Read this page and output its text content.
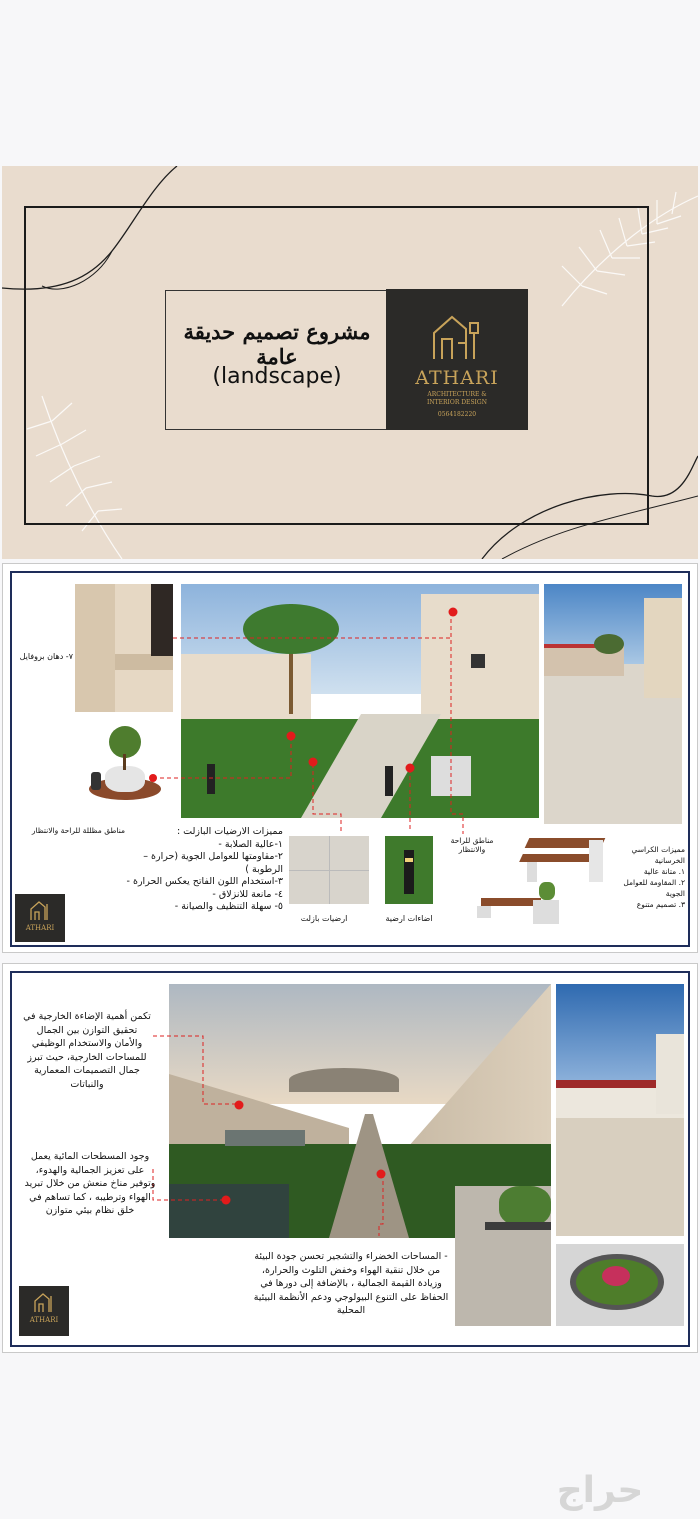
مشروع تصميم حديقة عامة
(landscape)	ATHARI
ARCHITECTURE &
INTERIOR DESIGN
0564182220
٧- دهان بروفايل
مناطق مظللة للراحة والانتظار	مميزات الارضيات البازلت :
١-عالية الصلابة -
٢-مقاومتها للعوامل الجوية (حرارة –
الرطوبة )
٣-استخدام اللون الفاتح يعكس الحرارة -
٤- مانعة للانزلاق -
٥- سهلة التنظيف والصيانة -
ارضيات بازلت	اضاءات ارضية
مناطق للراحة والانتظار	مميزات الكراسي الخرسانية
١. متانة عالية
٢. المقاومة للعوامل الجوية
٣. تصميم متنوع
ATHARI
تكمن أهمية الإضاءة الخارجية في تحقيق التوازن بين الجمال والأمان والاستخدام الوظيفي للمساحات الخارجية، حيث تبرز جمال التصميمات المعمارية والنباتات
وجود المسطحات المائية يعمل على تعزيز الجمالية والهدوء، وتوفير مناخ منعش من خلال تبريد الهواء وترطيبه ، كما تساهم في خلق نظام بيئي متوازن
- المساحات الخضراء والتشجير تحسن جودة البيئة من خلال تنقية الهواء وخفض التلوث والحرارة، وزيادة القيمة الجمالية ، بالإضافة إلى دورها في الحفاظ على التنوع البيولوجي ودعم الأنظمة البيئية المحلية
ATHARI
حراج
